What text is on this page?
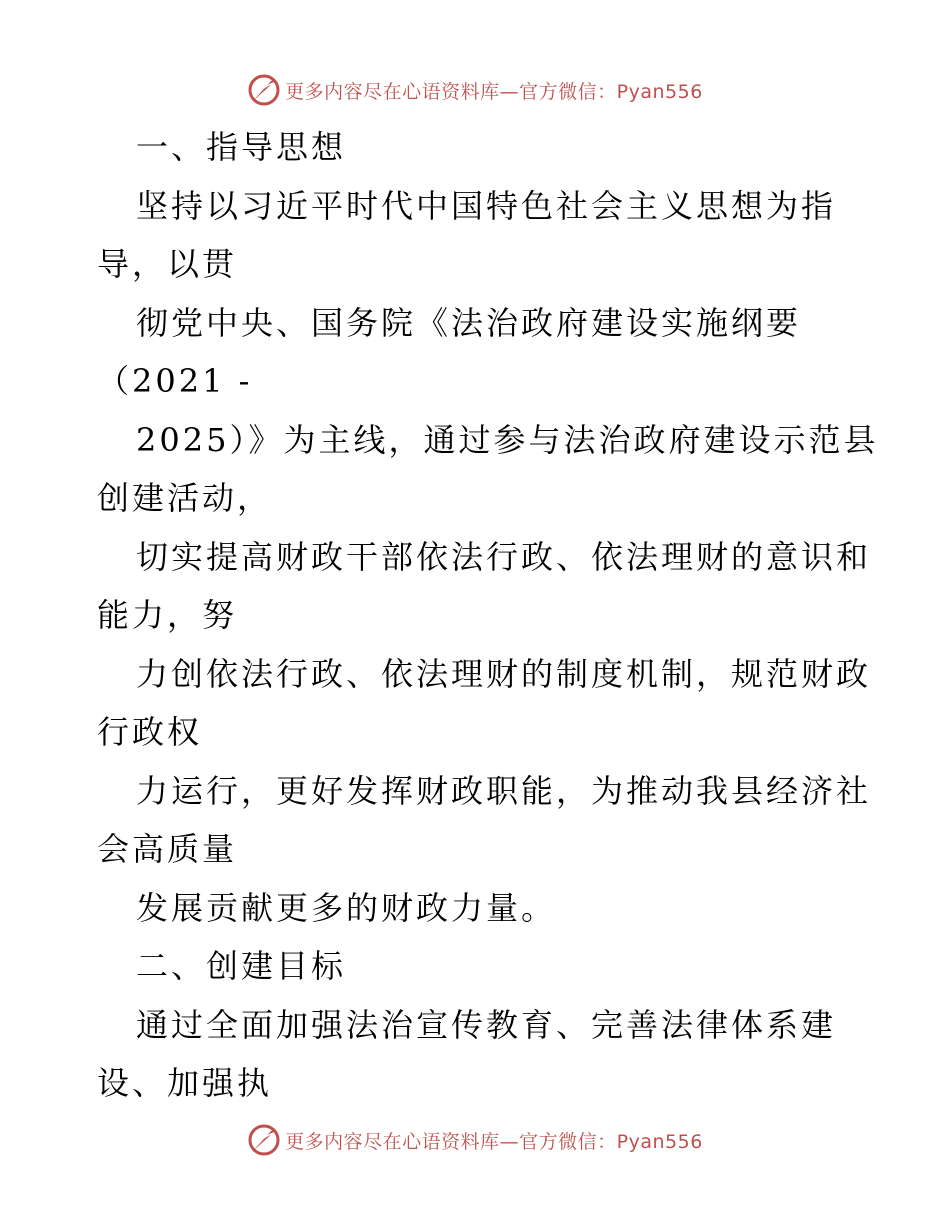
更多内容尽在心语资料库—官方微信：Pyan556
一、指导思想
坚持以习近平时代中国特色社会主义思想为指
导，以贯
彻党中央、国务院《法治政府建设实施纲要
（2021 -
2025）》为主线，通过参与法治政府建设示范县
创建活动，
切实提高财政干部依法行政、依法理财的意识和
能力，努
力创依法行政、依法理财的制度机制，规范财政
行政权
力运行，更好发挥财政职能，为推动我县经济社
会高质量
发展贡献更多的财政力量。
二、创建目标
通过全面加强法治宣传教育、完善法律体系建
设、加强执
更多内容尽在心语资料库—官方微信：Pyan556
